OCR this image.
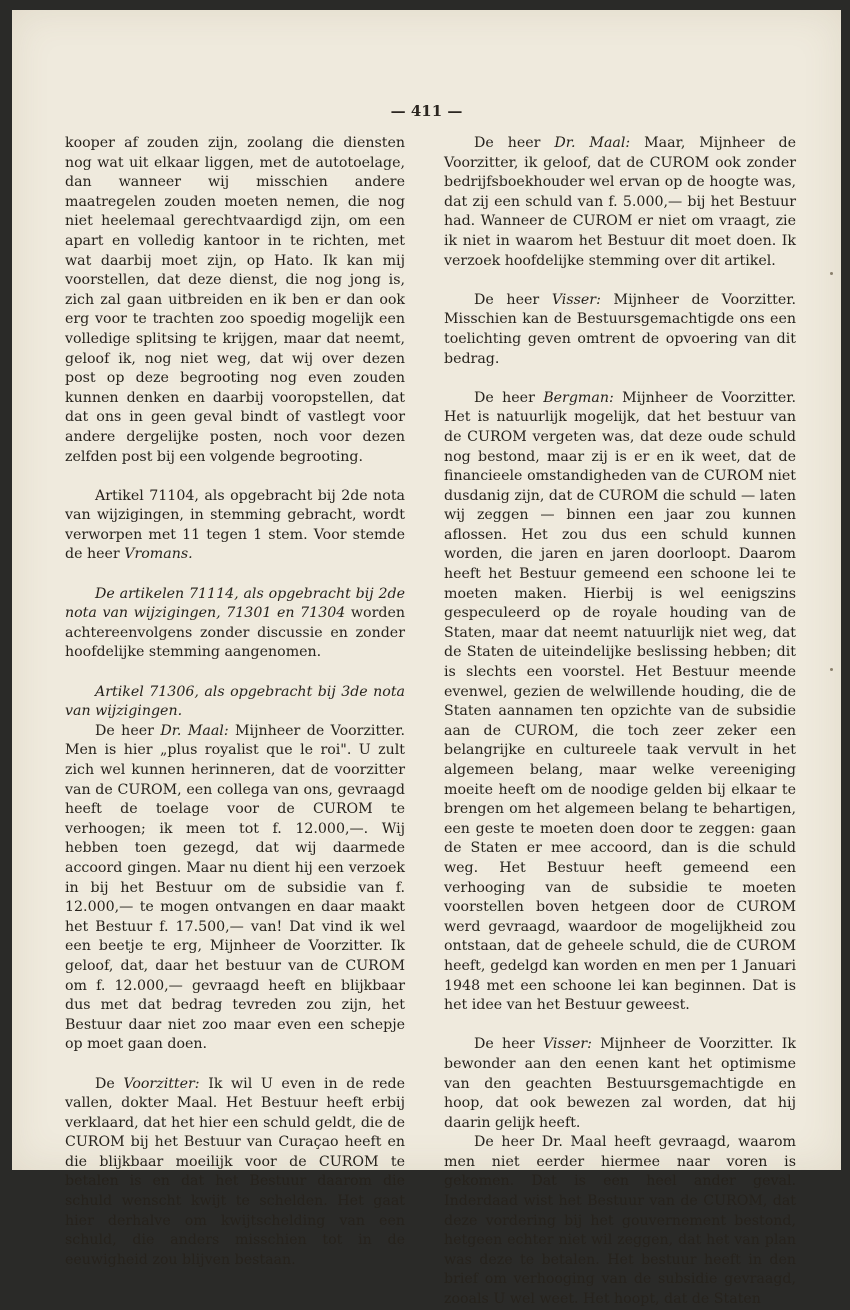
— 411 —

kooper af zouden zijn, zoolang die diensten nog wat uit elkaar liggen, met de autotoelage, dan wanneer wij misschien andere maatregelen zouden moeten nemen, die nog niet heelemaal gerechtvaardigd zijn, om een apart en volledig kantoor in te richten, met wat daarbij moet zijn, op Hato. Ik kan mij voorstellen, dat deze dienst, die nog jong is, zich zal gaan uitbreiden en ik ben er dan ook erg voor te trachten zoo spoedig mogelijk een volledige splitsing te krijgen, maar dat neemt, geloof ik, nog niet weg, dat wij over dezen post op deze begrooting nog even zouden kunnen denken en daarbij vooropstellen, dat dat ons in geen geval bindt of vastlegt voor andere dergelijke posten, noch voor dezen zelfden post bij een volgende begrooting.

Artikel 71104, als opgebracht bij 2de nota van wijzigingen, in stemming gebracht, wordt verworpen met 11 tegen 1 stem. Voor stemde de heer Vromans.

De artikelen 71114, als opgebracht bij 2de nota van wijzigingen, 71301 en 71304 worden achtereenvolgens zonder discussie en zonder hoofdelijke stemming aangenomen.

Artikel 71306, als opgebracht bij 3de nota van wijzigingen.

De heer Dr. Maal: Mijnheer de Voorzitter. Men is hier „plus royalist que le roi". U zult zich wel kunnen herinneren, dat de voorzitter van de CUROM, een collega van ons, gevraagd heeft de toelage voor de CUROM te verhoogen; ik meen tot f. 12.000,—. Wij hebben toen gezegd, dat wij daarmede accoord gingen. Maar nu dient hij een verzoek in bij het Bestuur om de subsidie van f. 12.000,— te mogen ontvangen en daar maakt het Bestuur f. 17.500,— van! Dat vind ik wel een beetje te erg, Mijnheer de Voorzitter. Ik geloof, dat, daar het bestuur van de CUROM om f. 12.000,— gevraagd heeft en blijkbaar dus met dat bedrag tevreden zou zijn, het Bestuur daar niet zoo maar even een schepje op moet gaan doen.

De Voorzitter: Ik wil U even in de rede vallen, dokter Maal. Het Bestuur heeft erbij verklaard, dat het hier een schuld geldt, die de CUROM bij het Bestuur van Curaçao heeft en die blijkbaar moeilijk voor de CUROM te betalen is en dat het Bestuur daarom die schuld wenscht kwijt te schelden. Het gaat hier derhalve om kwijtschelding van een schuld, die anders misschien tot in de eeuwigheid zou blijven bestaan.

De heer Dr. Maal: Maar, Mijnheer de Voorzitter, ik geloof, dat de CUROM ook zonder bedrijfsboekhouder wel ervan op de hoogte was, dat zij een schuld van f. 5.000,— bij het Bestuur had. Wanneer de CUROM er niet om vraagt, zie ik niet in waarom het Bestuur dit moet doen. Ik verzoek hoofdelijke stemming over dit artikel.

De heer Visser: Mijnheer de Voorzitter. Misschien kan de Bestuursgemachtigde ons een toelichting geven omtrent de opvoering van dit bedrag.

De heer Bergman: Mijnheer de Voorzitter. Het is natuurlijk mogelijk, dat het bestuur van de CUROM vergeten was, dat deze oude schuld nog bestond, maar zij is er en ik weet, dat de financieele omstandigheden van de CUROM niet dusdanig zijn, dat de CUROM die schuld — laten wij zeggen — binnen een jaar zou kunnen aflossen. Het zou dus een schuld kunnen worden, die jaren en jaren doorloopt. Daarom heeft het Bestuur gemeend een schoone lei te moeten maken. Hierbij is wel eenigszins gespeculeerd op de royale houding van de Staten, maar dat neemt natuurlijk niet weg, dat de Staten de uiteindelijke beslissing hebben; dit is slechts een voorstel. Het Bestuur meende evenwel, gezien de welwillende houding, die de Staten aannamen ten opzichte van de subsidie aan de CUROM, die toch zeer zeker een belangrijke en cultureele taak vervult in het algemeen belang, maar welke vereeniging moeite heeft om de noodige gelden bij elkaar te brengen om het algemeen belang te behartigen, een geste te moeten doen door te zeggen: gaan de Staten er mee accoord, dan is die schuld weg. Het Bestuur heeft gemeend een verhooging van de subsidie te moeten voorstellen boven hetgeen door de CUROM werd gevraagd, waardoor de mogelijkheid zou ontstaan, dat de geheele schuld, die de CUROM heeft, gedelgd kan worden en men per 1 Januari 1948 met een schoone lei kan beginnen. Dat is het idee van het Bestuur geweest.

De heer Visser: Mijnheer de Voorzitter. Ik bewonder aan den eenen kant het optimisme van den geachten Bestuursgemachtigde en hoop, dat ook bewezen zal worden, dat hij daarin gelijk heeft.

De heer Dr. Maal heeft gevraagd, waarom men niet eerder hiermee naar voren is gekomen. Dat is een heel ander geval. Inderdaad wist het Bestuur van de CUROM, dat deze vordering bij het gouvernement bestond, hetgeen echter niet wil zeggen, dat het van plan was deze te betalen. Het bestuur heeft in den brief om verhooging van de subsidie gevraagd, zooals U wel weet. Het hoopt, dat de Staten
